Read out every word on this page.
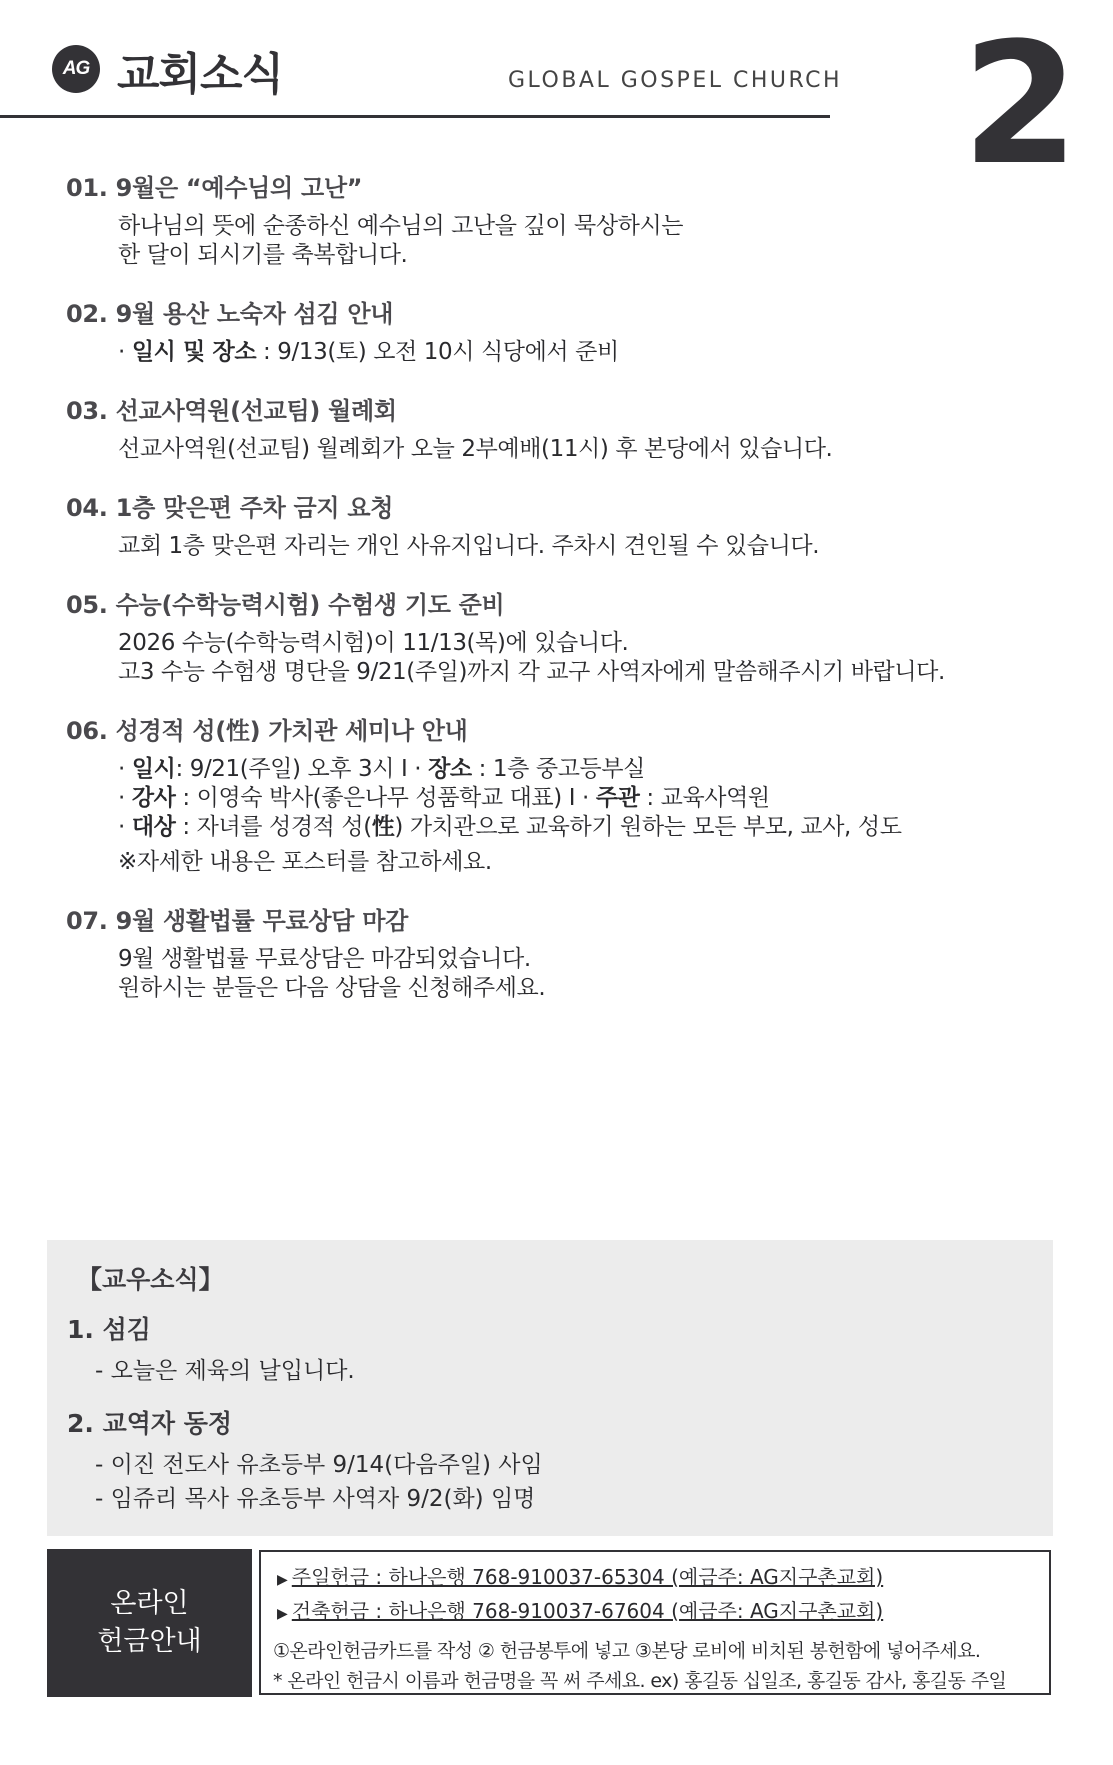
AG 교회소식	GLOBAL GOSPEL CHURCH 2
01. 9월은 “예수님의 고난”
하나님의 뜻에 순종하신 예수님의 고난을 깊이 묵상하시는
한 달이 되시기를 축복합니다.
02. 9월 용산 노숙자 섬김 안내
· 일시 및 장소 : 9/13(토) 오전 10시 식당에서 준비
03. 선교사역원(선교팀) 월례회
선교사역원(선교팀) 월례회가 오늘 2부예배(11시) 후 본당에서 있습니다.
04. 1층 맞은편 주차 금지 요청
교회 1층 맞은편 자리는 개인 사유지입니다. 주차시 견인될 수 있습니다.
05. 수능(수학능력시험) 수험생 기도 준비
2026 수능(수학능력시험)이 11/13(목)에 있습니다.
고3 수능 수험생 명단을 9/21(주일)까지 각 교구 사역자에게 말씀해주시기 바랍니다.
06. 성경적 성(性) 가치관 세미나 안내
· 일시: 9/21(주일) 오후 3시 I · 장소 : 1층 중고등부실
· 강사 : 이영숙 박사(좋은나무 성품학교 대표) I · 주관 : 교육사역원
· 대상 : 자녀를 성경적 성(性) 가치관으로 교육하기 원하는 모든 부모, 교사, 성도
※자세한 내용은 포스터를 참고하세요.
07. 9월 생활법률 무료상담 마감
9월 생활법률 무료상담은 마감되었습니다.
원하시는 분들은 다음 상담을 신청해주세요.
【교우소식】
1. 섬김
- 오늘은 제육의 날입니다.
2. 교역자 동정
- 이진 전도사 유초등부 9/14(다음주일) 사임
- 임쥬리 목사 유초등부 사역자 9/2(화) 임명
온라인
헌금안내
▶ 주일헌금 : 하나은행 768-910037-65304 (예금주: AG지구촌교회)
▶ 건축헌금 : 하나은행 768-910037-67604 (예금주: AG지구촌교회)
①온라인헌금카드를 작성 ② 헌금봉투에 넣고 ③본당 로비에 비치된 봉헌함에 넣어주세요.
* 온라인 헌금시 이름과 헌금명을 꼭 써 주세요. ex) 홍길동 십일조, 홍길동 감사, 홍길동 주일
